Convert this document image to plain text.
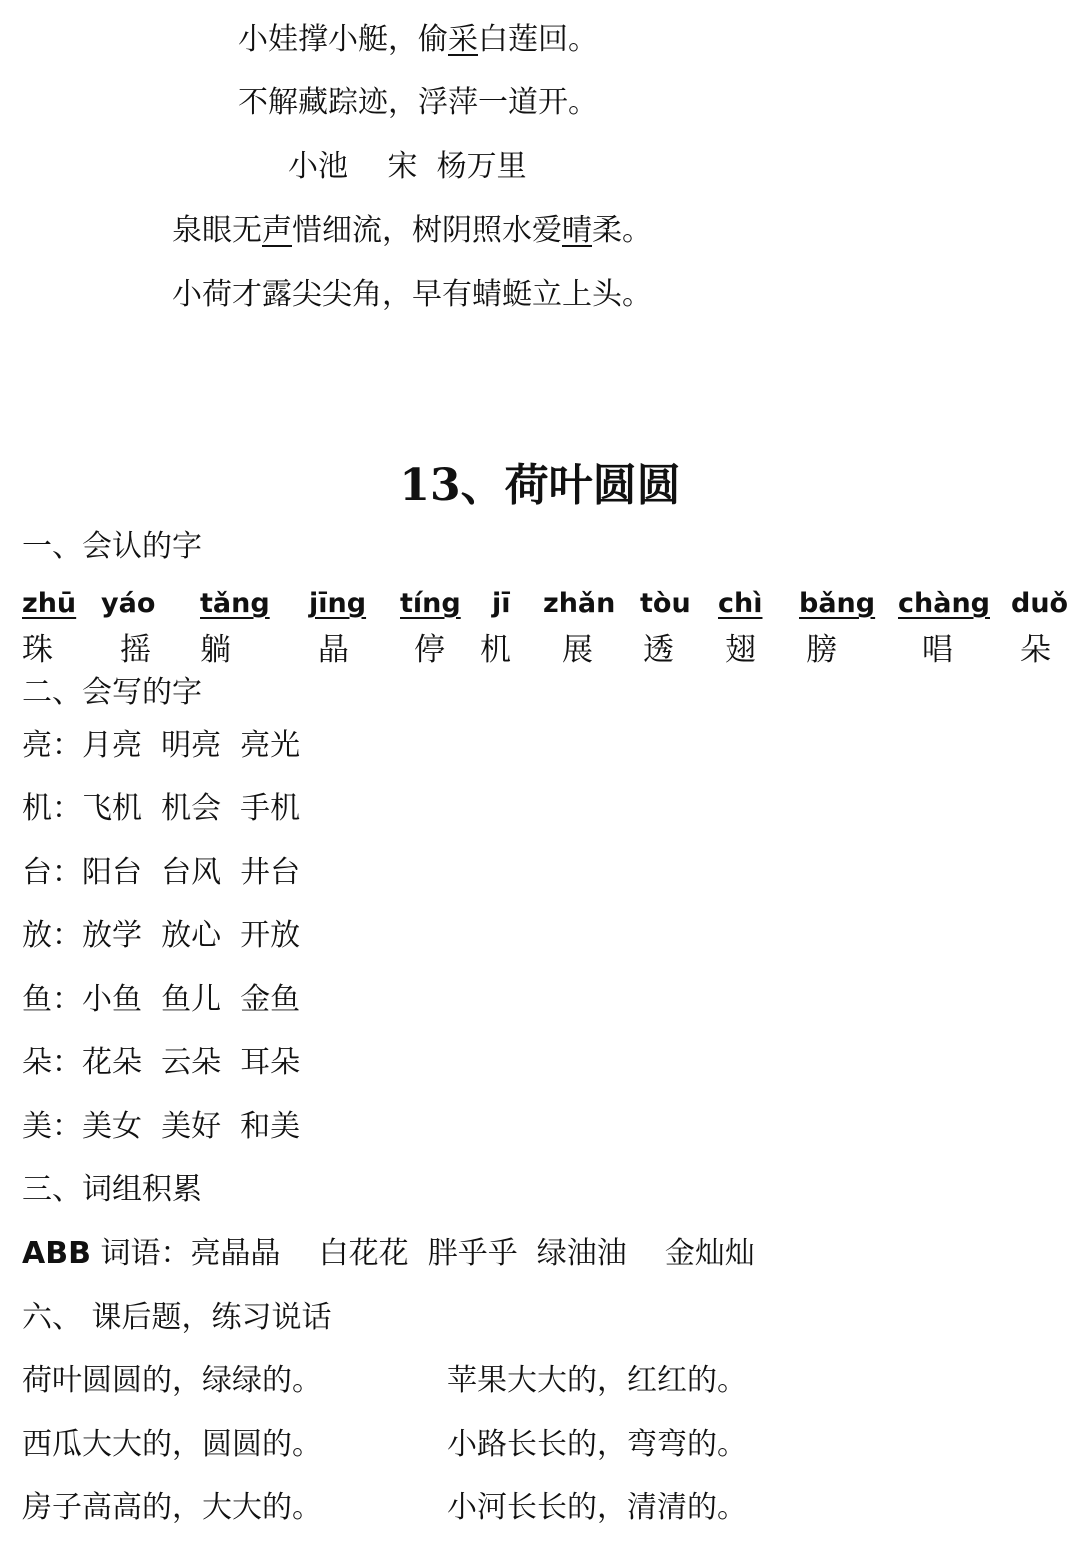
小娃撑小艇，偷采白莲回。
不解藏踪迹，浮萍一道开。
小池　 宋  杨万里
泉眼无声惜细流，树阴照水爱晴柔。
小荷才露尖尖角，早有蜻蜓立上头。
13、荷叶圆圆
一、会认的字
zhū yáo tǎng jīng tíng jī zhǎn tòu chì bǎng chàng duǒ
珠 摇 躺	晶 停 机 展 透 翅 膀	唱 朵
二、会写的字
亮：月亮  明亮  亮光
机：飞机  机会  手机
台：阳台  台风  井台
放：放学  放心  开放
鱼：小鱼  鱼儿  金鱼
朵：花朵  云朵  耳朵
美：美女  美好  和美
三、词组积累
ABB 词语：亮晶晶    白花花  胖乎乎  绿油油    金灿灿
六、 课后题，练习说话
荷叶圆圆的，绿绿的。	苹果大大的，红红的。
西瓜大大的，圆圆的。	小路长长的，弯弯的。
房子高高的，大大的。	小河长长的，清清的。
